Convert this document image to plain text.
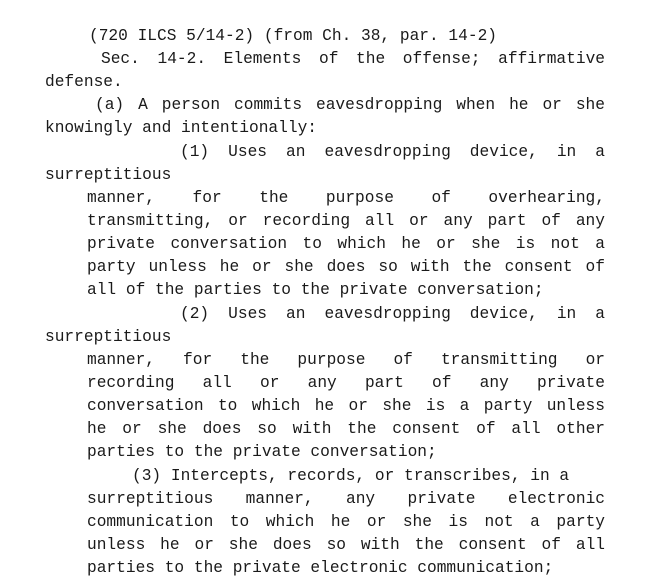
(720 ILCS 5/14-2) (from Ch. 38, par. 14-2)
Sec. 14-2. Elements of the offense; affirmative
defense.
(a) A person commits eavesdropping when he or she
knowingly and intentionally:
(1) Uses an eavesdropping device, in a
surreptitious
manner, for the purpose of overhearing,
transmitting, or recording all or any part of any
private conversation to which he or she is not a
party unless he or she does so with the consent of
all of the parties to the private conversation;
(2) Uses an eavesdropping device, in a
surreptitious
manner, for the purpose of transmitting or
recording all or any part of any private
conversation to which he or she is a party unless
he or she does so with the consent of all other
parties to the private conversation;
(3) Intercepts, records, or transcribes, in a
surreptitious manner, any private electronic
communication to which he or she is not a party
unless he or she does so with the consent of all
parties to the private electronic communication;
